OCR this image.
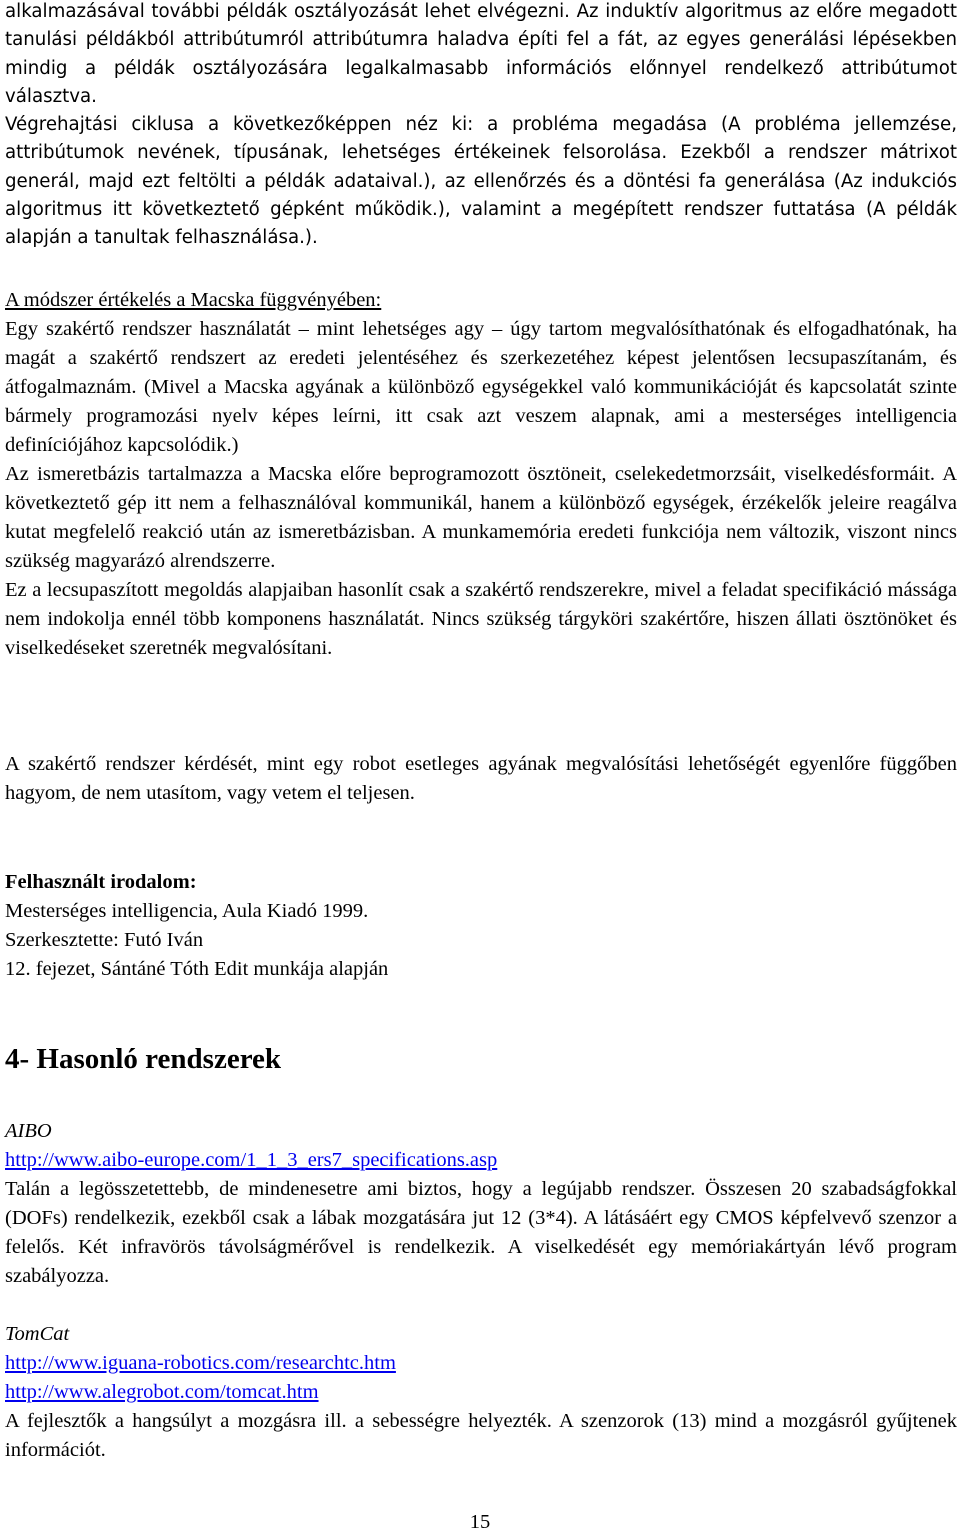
alkalmazásával további példák osztályozását lehet elvégezni. Az induktív algoritmus az előre megadott tanulási példákból attribútumról attribútumra haladva építi fel a fát, az egyes generálási lépésekben mindig a példák osztályozására legalkalmasabb információs előnnyel rendelkező attribútumot választva.

Végrehajtási ciklusa a következőképpen néz ki: a probléma megadása (A probléma jellemzése, attribútumok nevének, típusának, lehetséges értékeinek felsorolása. Ezekből a rendszer mátrixot generál, majd ezt feltölti a példák adataival.), az ellenőrzés és a döntési fa generálása (Az indukciós algoritmus itt következtető gépként működik.), valamint a megépített rendszer futtatása (A példák alapján a tanultak felhasználása.).

A módszer értékelés a Macska függvényében:

Egy szakértő rendszer használatát – mint lehetséges agy – úgy tartom megvalósíthatónak és elfogadhatónak, ha magát a szakértő rendszert az eredeti jelentéséhez és szerkezetéhez képest jelentősen lecsupaszítanám, és átfogalmaznám. (Mivel a Macska agyának a különböző egységekkel való kommunikációját és kapcsolatát szinte bármely programozási nyelv képes leírni, itt csak azt veszem alapnak, ami a mesterséges intelligencia definíciójához kapcsolódik.)

Az ismeretbázis tartalmazza a Macska előre beprogramozott ösztöneit, cselekedetmorzsáit, viselkedésformáit. A következtető gép itt nem a felhasználóval kommunikál, hanem a különböző egységek, érzékelők jeleire reagálva kutat megfelelő reakció után az ismeretbázisban. A munkamemória eredeti funkciója nem változik, viszont nincs szükség magyarázó alrendszerre.

Ez a lecsupaszított megoldás alapjaiban hasonlít csak a szakértő rendszerekre, mivel a feladat specifikáció mássága nem indokolja ennél több komponens használatát. Nincs szükség tárgyköri szakértőre, hiszen állati ösztönöket és viselkedéseket szeretnék megvalósítani.

A szakértő rendszer kérdését, mint egy robot esetleges agyának megvalósítási lehetőségét egyenlőre függőben hagyom, de nem utasítom, vagy vetem el teljesen.

Felhasznált irodalom:
Mesterséges intelligencia, Aula Kiadó 1999.
Szerkesztette: Futó Iván
12. fejezet, Sántáné Tóth Edit munkája alapján
4- Hasonló rendszerek
AIBO
http://www.aibo-europe.com/1_1_3_ers7_specifications.asp

Talán a legösszetettebb, de mindenesetre ami biztos, hogy a legújabb rendszer. Összesen 20 szabadságfokkal (DOFs) rendelkezik, ezekből csak a lábak mozgatására jut 12 (3*4). A látásáért egy CMOS képfelvevő szenzor a felelős. Két infravörös távolságmérővel is rendelkezik. A viselkedését egy memóriakártyán lévő program szabályozza.

TomCat
http://www.iguana-robotics.com/researchtc.htm
http://www.alegrobot.com/tomcat.htm

A fejlesztők a hangsúlyt a mozgásra ill. a sebességre helyezték. A szenzorok (13) mind a mozgásról gyűjtenek információt.

15
